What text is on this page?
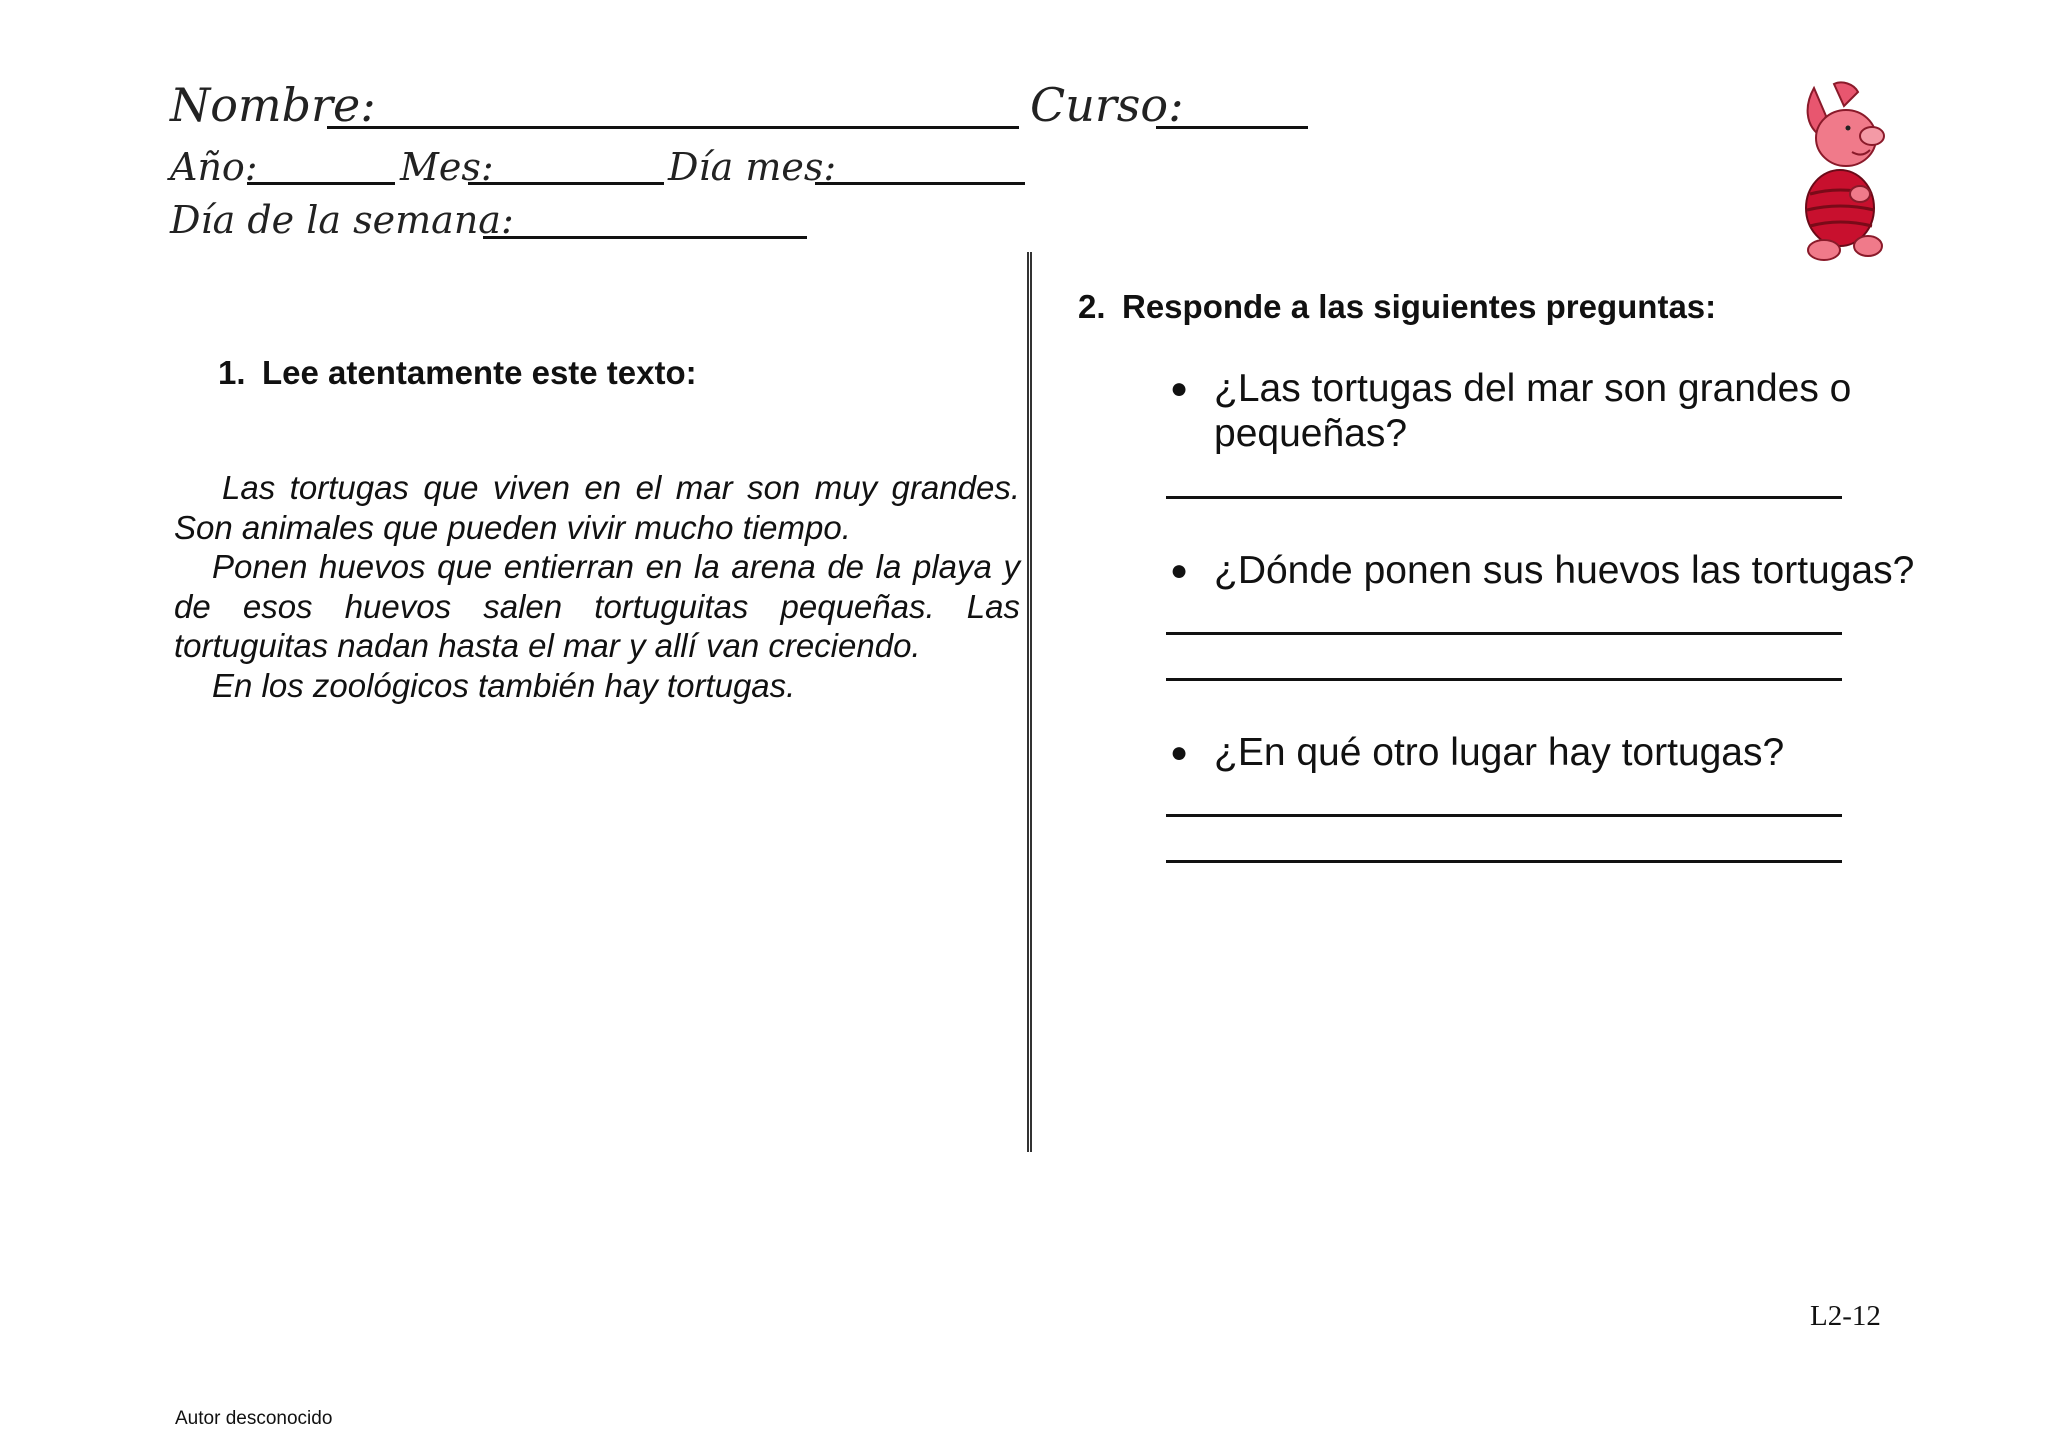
Nombre:	Curso:
Año:	Mes:	Día mes:
Día de la semana:
1. Lee atentamente este texto:

Las tortugas que viven en el mar son muy grandes. Son animales que pueden vivir mucho tiempo.

Ponen huevos que entierran en la arena de la playa y de esos huevos salen tortuguitas pequeñas. Las tortuguitas nadan hasta el mar y allí van creciendo.

En los zoológicos también hay tortugas.

2. Responde a las siguientes preguntas:
● ¿Las tortugas del mar son grandes o pequeñas?
● ¿Dónde ponen sus huevos las tortugas?
● ¿En qué otro lugar hay tortugas?
L2-12
Autor desconocido
